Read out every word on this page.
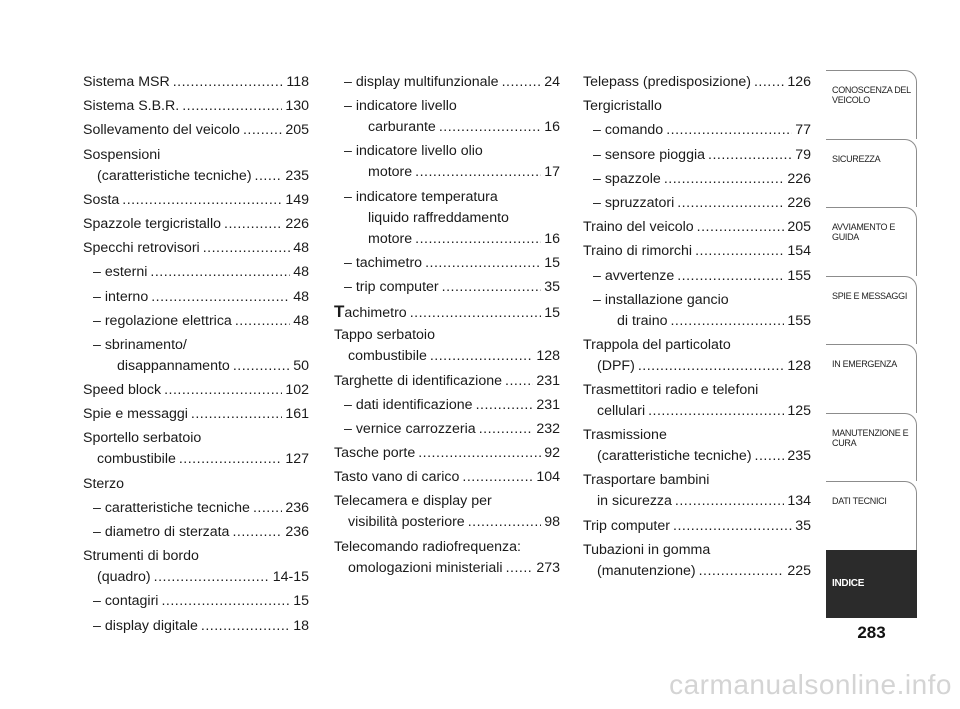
Sistema MSR .....	118
Sistema S.B.R. .....	130
Sollevamento del veicolo .....	205
Sospensioni
(caratteristiche tecniche) ..... 235
Sosta .....	149
Spazzole tergicristallo .....	226
Specchi retrovisori .....	48
– esterni .....	48
– interno .....	48
– regolazione elettrica .....	48
– sbrinamento/
disappannamento .....	50
Speed block .....	102
Spie e messaggi .....	161
Sportello serbatoio
combustibile .....	127
Sterzo
– caratteristiche tecniche ..... 236
– diametro di sterzata .....	236
Strumenti di bordo
(quadro) .....	14-15
– contagiri .....	15
– display digitale .....	18
– display multifunzionale .....	24
– indicatore livello
carburante .....	16
– indicatore livello olio
motore .....	17
– indicatore temperatura
liquido raffreddamento
motore .....	16
– tachimetro .....	15
– trip computer .....	35
Tachimetro .....	15
Tappo serbatoio
combustibile .....	128
Targhette di identificazione ..... 231
– dati identificazione .....	231
– vernice carrozzeria .....	232
Tasche porte .....	92
Tasto vano di carico .....	104
Telecamera e display per
visibilità posteriore .....	98
Telecomando radiofrequenza:
omologazioni ministeriali ..... 273
Telepass (predisposizione) .....	126
Tergicristallo
– comando .....	77
– sensore pioggia .....	79
– spazzole .....	226
– spruzzatori .....	226
Traino del veicolo .....	205
Traino di rimorchi .....	154
– avvertenze .....	155
– installazione gancio
di traino .....	155
Trappola del particolato
(DPF) .....	128
Trasmettitori radio e telefoni
cellulari .....	125
Trasmissione
(caratteristiche tecniche) .....	235
Trasportare bambini
in sicurezza .....	134
Trip computer .....	35
Tubazioni in gomma
(manutenzione) .....	225
CONOSCENZA DEL VEICOLO
SICUREZZA
AVVIAMENTO E GUIDA
SPIE E MESSAGGI
IN EMERGENZA
MANUTENZIONE E CURA
DATI TECNICI
INDICE
283
carmanualsonline.info
